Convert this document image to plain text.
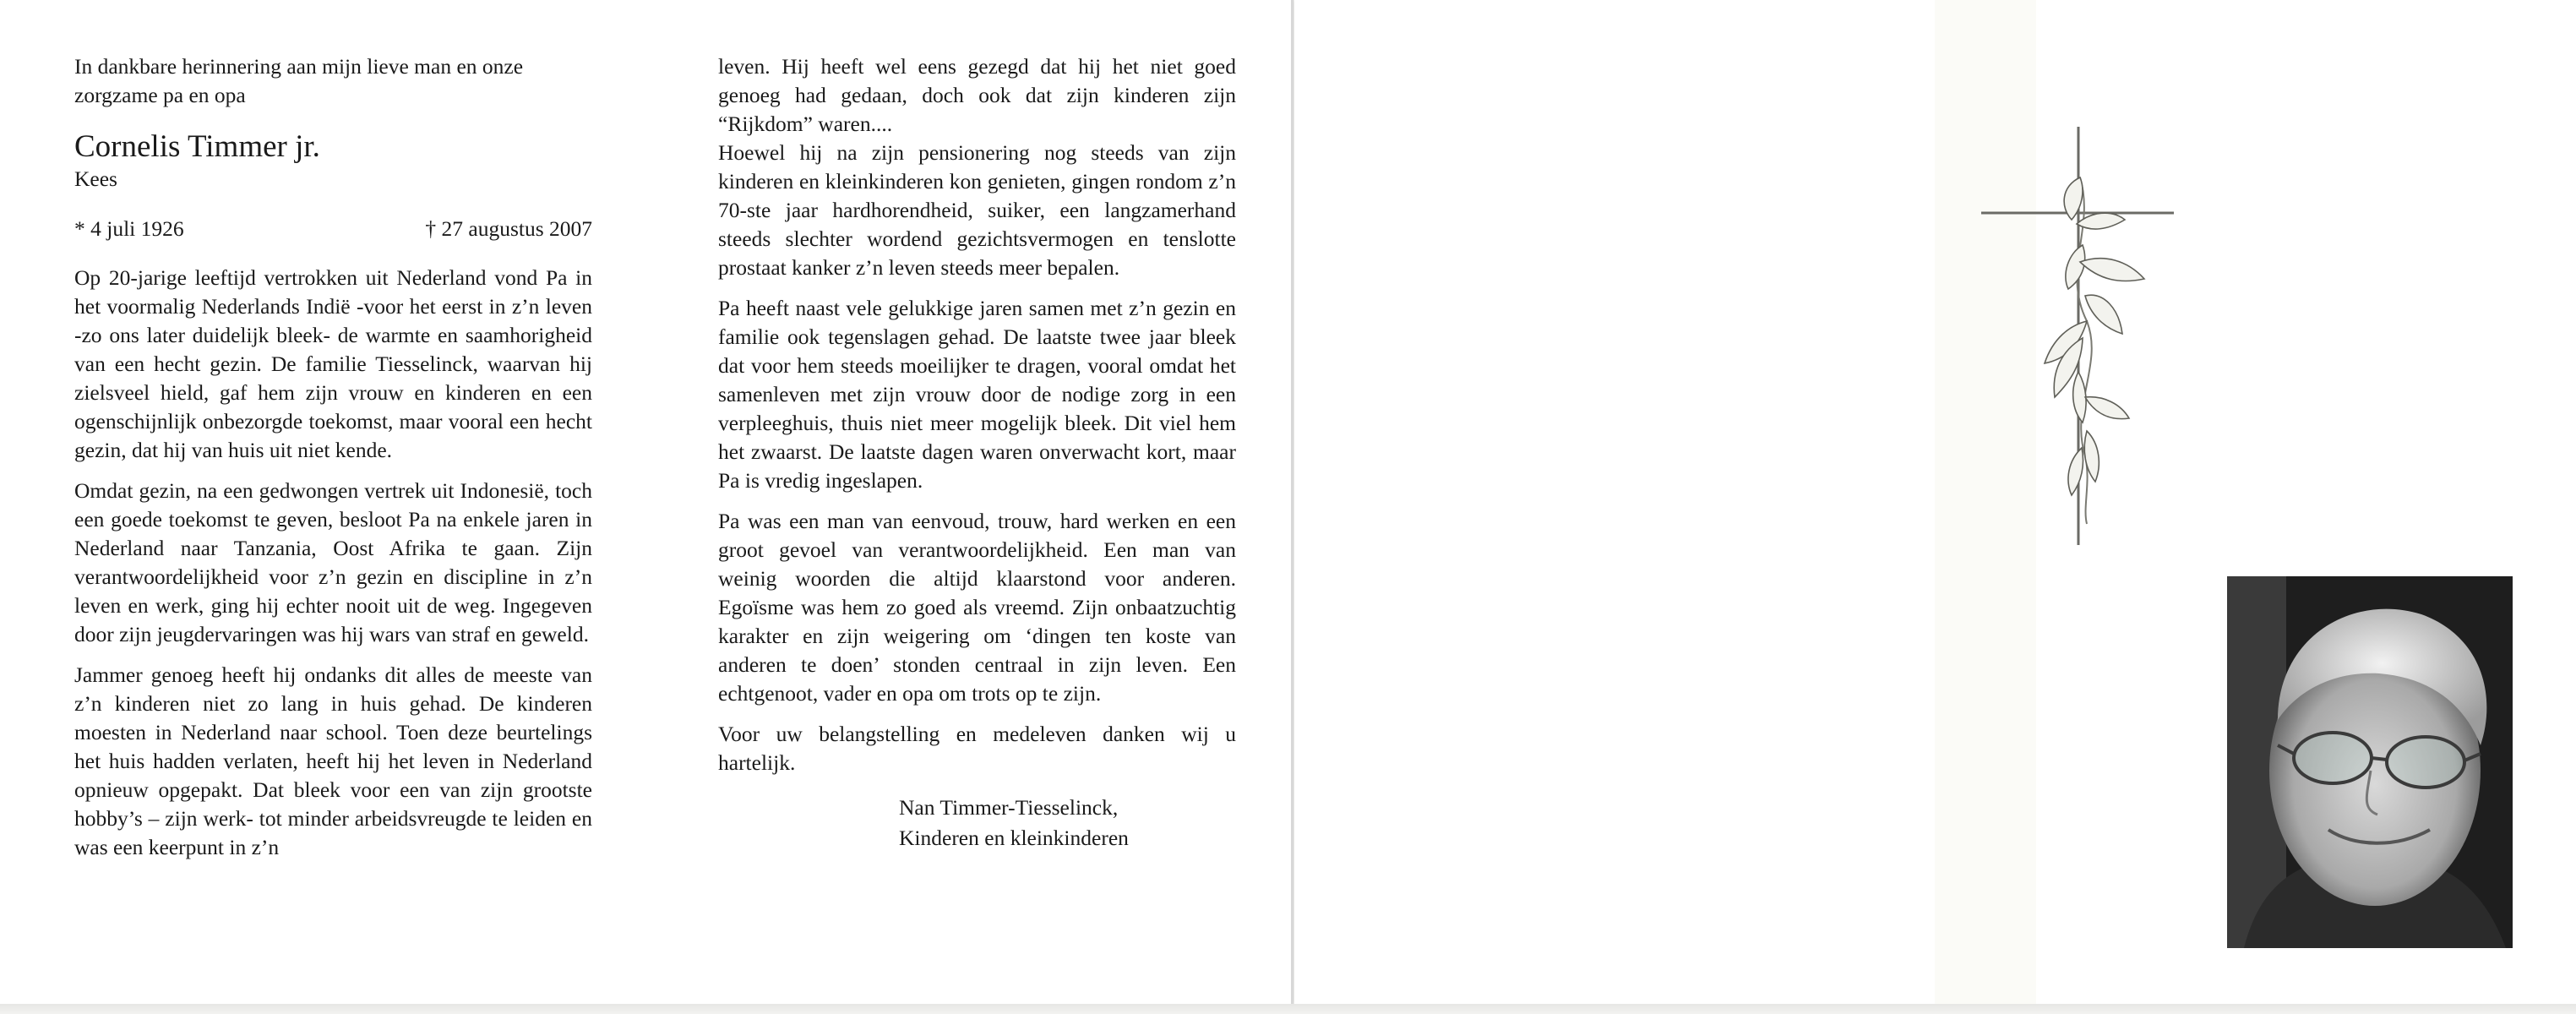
In dankbare herinnering aan mijn lieve man en onze zorgzame pa en opa

Cornelis Timmer jr.

Kees

* 4 juli 1926	† 27 augustus 2007

Op 20-jarige leeftijd vertrokken uit Nederland vond Pa in het voormalig Nederlands Indië -voor het eerst in z’n leven -zo ons later duidelijk bleek- de warmte en saamhorigheid van een hecht gezin. De familie Tiesselinck, waarvan hij zielsveel hield, gaf hem zijn vrouw en kinderen en een ogenschijnlijk onbezorgde toekomst, maar vooral een hecht gezin, dat hij van huis uit niet kende.

Omdat gezin, na een gedwongen vertrek uit Indonesië, toch een goede toekomst te geven, besloot Pa na enkele jaren in Nederland naar Tanzania, Oost Afrika te gaan. Zijn verantwoordelijkheid voor z’n gezin en discipline in z’n leven en werk, ging hij echter nooit uit de weg. Ingegeven door zijn jeugdervaringen was hij wars van straf en geweld.

Jammer genoeg heeft hij ondanks dit alles de meeste van z’n kinderen niet zo lang in huis gehad. De kinderen moesten in Nederland naar school. Toen deze beurtelings het huis hadden verlaten, heeft hij het leven in Nederland opnieuw opgepakt. Dat bleek voor een van zijn grootste hobby’s – zijn werk- tot minder arbeidsvreugde te leiden en was een keerpunt in z’n

leven. Hij heeft wel eens gezegd dat hij het niet goed genoeg had gedaan, doch ook dat zijn kinderen zijn “Rijkdom” waren....

Hoewel hij na zijn pensionering nog steeds van zijn kinderen en kleinkinderen kon genieten, gingen rondom z’n 70-ste jaar hardhorendheid, suiker, een langzamerhand steeds slechter wordend gezichtsvermogen en tenslotte prostaat kanker z’n leven steeds meer bepalen.

Pa heeft naast vele gelukkige jaren samen met z’n gezin en familie ook tegenslagen gehad. De laatste twee jaar bleek dat voor hem steeds moeilijker te dragen, vooral omdat het samenleven met zijn vrouw door de nodige zorg in een verpleeghuis, thuis niet meer mogelijk bleek. Dit viel hem het zwaarst. De laatste dagen waren onverwacht kort, maar Pa is vredig ingeslapen.

Pa was een man van eenvoud, trouw, hard werken en een groot gevoel van verantwoordelijkheid. Een man van weinig woorden die altijd klaarstond voor anderen. Egoïsme was hem zo goed als vreemd. Zijn onbaatzuchtig karakter en zijn weigering om ‘dingen ten koste van anderen te doen’ stonden centraal in zijn leven. Een echtgenoot, vader en opa om trots op te zijn.

Voor uw belangstelling en medeleven danken wij u hartelijk.

Nan Timmer-Tiesselinck,
Kinderen en kleinkinderen
